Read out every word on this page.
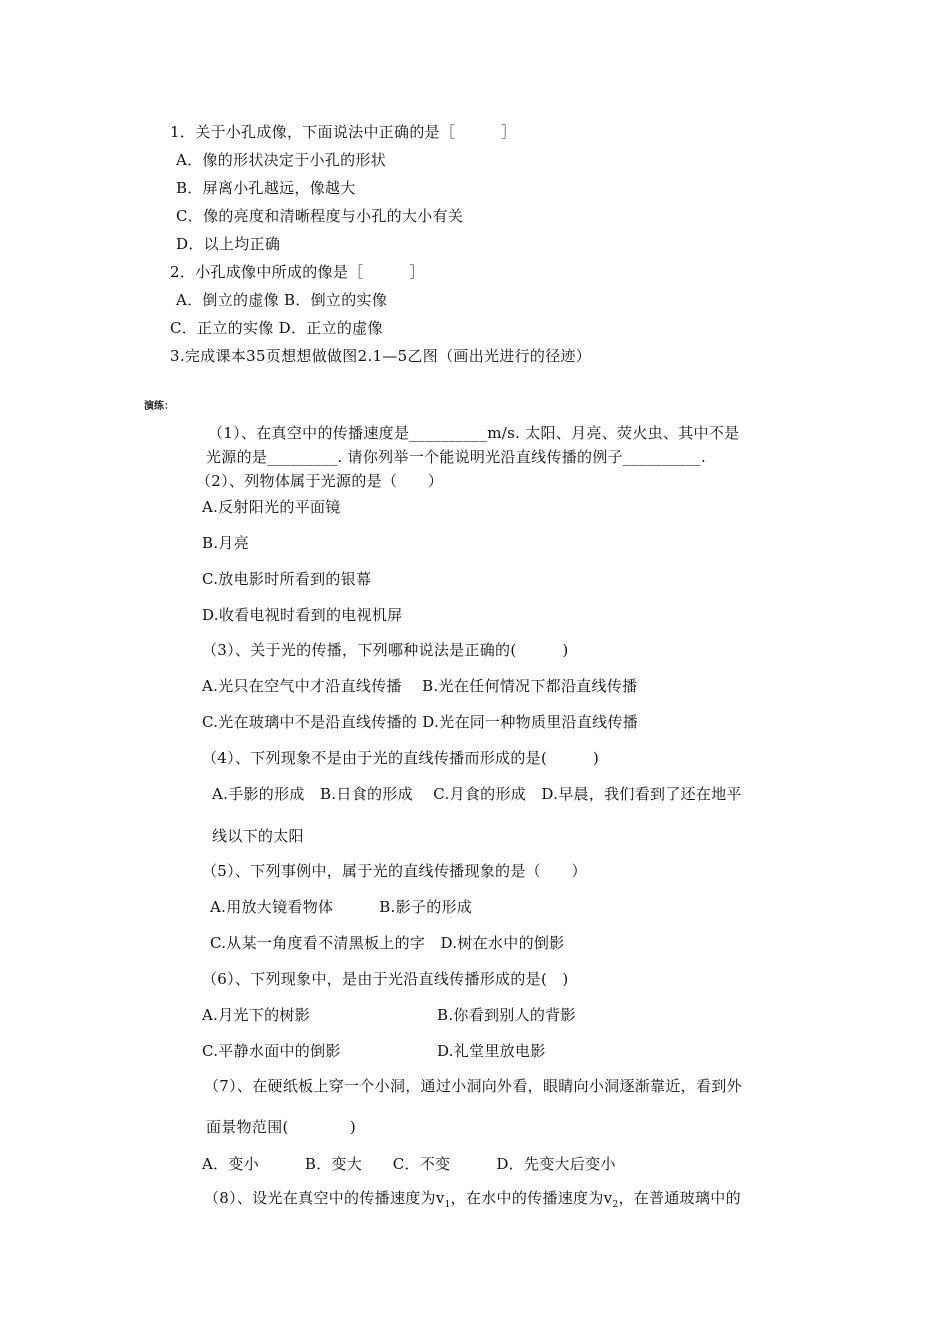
1．关于小孔成像，下面说法中正确的是［　　　］
A．像的形状决定于小孔的形状
B．屏离小孔越远，像越大
C．像的亮度和清晰程度与小孔的大小有关
D．以上均正确
2．小孔成像中所成的像是［　　　］
A．倒立的虚像 B．倒立的实像
C．正立的实像 D．正立的虚像
3.完成课本35页想想做做图2.1—5乙图（画出光进行的径迹）
演练：
（1）、在真空中的传播速度是__________m/s. 太阳、月亮、荧火虫、其中不是
光源的是_________. 请你列举一个能说明光沿直线传播的例子__________.
（2）、列物体属于光源的是（　　）
A.反射阳光的平面镜
B.月亮
C.放电影时所看到的银幕
D.收看电视时看到的电视机屏
（3）、关于光的传播，下列哪种说法是正确的(　　　)
A.光只在空气中才沿直线传播　 B.光在任何情况下都沿直线传播
C.光在玻璃中不是沿直线传播的 D.光在同一种物质里沿直线传播
（4）、下列现象不是由于光的直线传播而形成的是(　　　)
A.手影的形成　B.日食的形成　 C.月食的形成　D.早晨，我们看到了还在地平
线以下的太阳
（5）、下列事例中，属于光的直线传播现象的是（　　）
A.用放大镜看物体　　　B.影子的形成
C.从某一角度看不清黑板上的字　D.树在水中的倒影
（6）、下列现象中，是由于光沿直线传播形成的是(　)
A.月光下的树影	B.你看到别人的背影
C.平静水面中的倒影	D.礼堂里放电影
（7）、在硬纸板上穿一个小洞，通过小洞向外看，眼睛向小洞逐渐靠近，看到外
面景物范围(　　　　)
A．变小　　　B．变大　　C．不变　　　D．先变大后变小
（8）、设光在真空中的传播速度为$v_1$，在水中的传播速度为$v_2$，在普通玻璃中的
